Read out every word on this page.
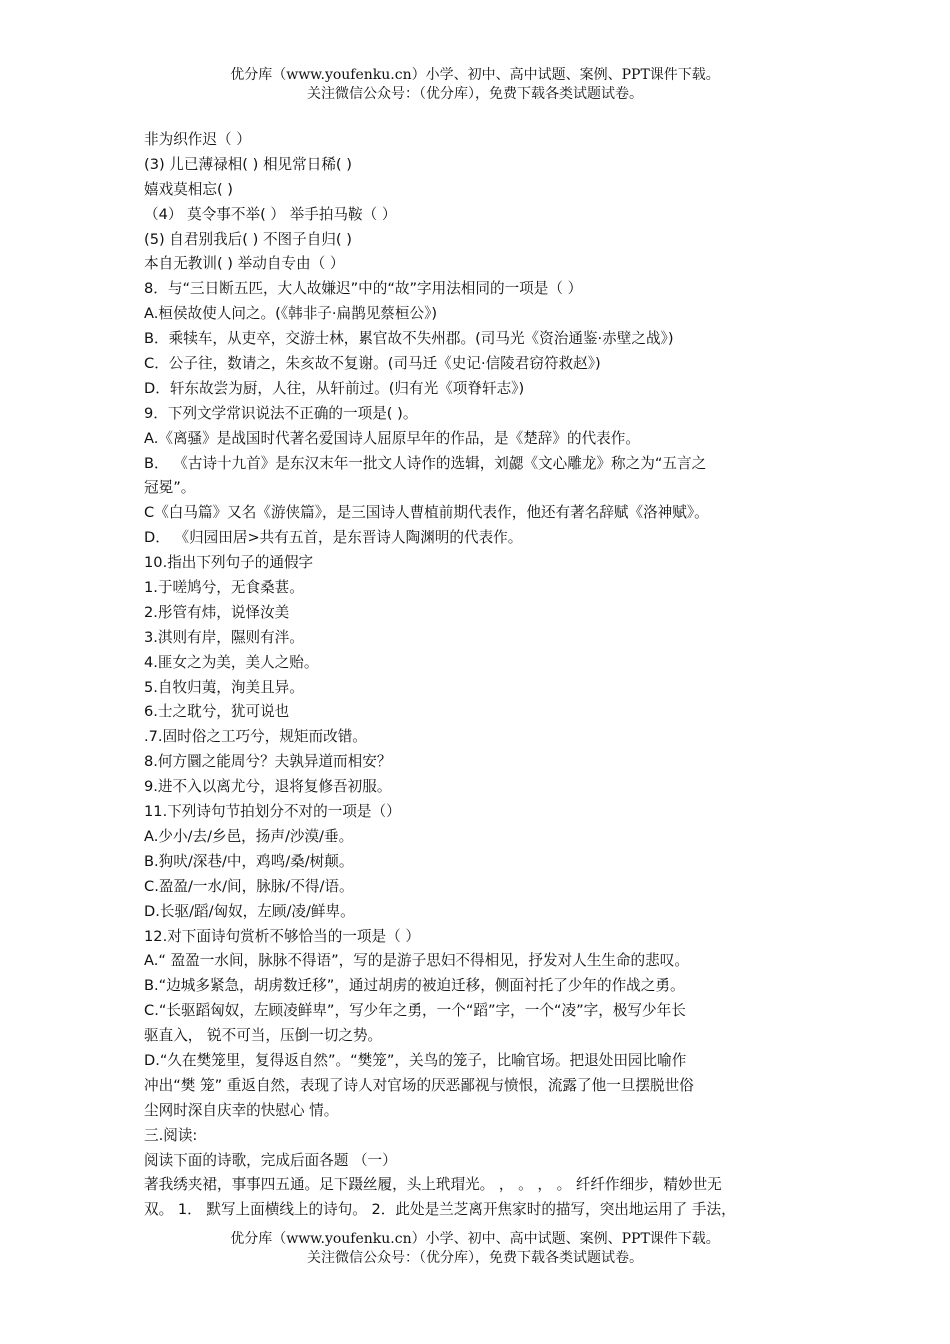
优分库（www.youfenku.cn）小学、初中、高中试题、案例、PPT课件下载。
关注微信公众号：（优分库），免费下载各类试题试卷。
非为织作迟（ ）
(3) 儿已薄禄相( ) 相见常日稀( )
嬉戏莫相忘( )
（4） 莫令事不举( ） 举手拍马鞍（ ）
(5) 自君别我后( ) 不图子自归( )
本自无教训( ) 举动自专由（ ）
8．与“三日断五匹，大人故嫌迟”中的“故”字用法相同的一项是（ ）
A.桓侯故使人问之。(《韩非子·扁鹊见蔡桓公》)
B．乘犊车，从吏卒，交游士林，累官故不失州郡。(司马光《资治通鉴·赤壁之战》)
C．公子往，数请之，朱亥故不复谢。(司马迁《史记·信陵君窃符救赵》)
D．轩东故尝为厨，人往，从轩前过。(归有光《项脊轩志》)
9．下列文学常识说法不正确的一项是( )。
A.《离骚》是战国时代著名爱国诗人屈原早年的作品，是《楚辞》的代表作。
B． 《古诗十九首》是东汉末年一批文人诗作的选辑，刘勰《文心雕龙》称之为“五言之
冠冕”。
C《白马篇》又名《游侠篇》，是三国诗人曹植前期代表作，他还有著名辞赋《洛神赋》。
D． 《归园田居>共有五首，是东晋诗人陶渊明的代表作。
10.指出下列句子的通假字
1.于嗟鸠兮，无食桑葚。
2.彤管有炜，说怿汝美
3.淇则有岸，隰则有泮。
4.匪女之为美，美人之贻。
5.自牧归荑，洵美且异。
6.士之耽兮，犹可说也
.7.固时俗之工巧兮，规矩而改错。
8.何方圜之能周兮？夫孰异道而相安？
9.进不入以离尤兮，退将复修吾初服。
11.下列诗句节拍划分不对的一项是（）
A.少小/去/乡邑，扬声/沙漠/垂。
B.狗吠/深巷/中，鸡鸣/桑/树颠。
C.盈盈/一水/间，脉脉/不得/语。
D.长驱/蹈/匈奴，左顾/凌/鲜卑。
12.对下面诗句赏析不够恰当的一项是（ ）
A.“ 盈盈一水间，脉脉不得语”，写的是游子思妇不得相见，抒发对人生生命的悲叹。
B.“边城多紧急，胡虏数迁移”，通过胡虏的被迫迁移，侧面衬托了少年的作战之勇。
C.“长驱蹈匈奴，左顾凌鲜卑”，写少年之勇，一个“蹈”字，一个“凌”字，极写少年长
驱直入， 锐不可当，压倒一切之势。
D.“久在樊笼里，复得返自然”。“樊笼”，关鸟的笼子，比喻官场。把退处田园比喻作
冲出“樊 笼” 重返自然，表现了诗人对官场的厌恶鄙视与愤恨，流露了他一旦摆脱世俗
尘网时深自庆幸的快慰心 情。
三.阅读:
阅读下面的诗歌，完成后面各题 （一）
著我绣夹裙，事事四五通。足下蹑丝履，头上玳瑁光。 ， 。 ， 。 纤纤作细步，精妙世无
双。 1． 默写上面横线上的诗句。 2．此处是兰芝离开焦家时的描写，突出地运用了 手法，
优分库（www.youfenku.cn）小学、初中、高中试题、案例、PPT课件下载。
关注微信公众号：（优分库），免费下载各类试题试卷。
